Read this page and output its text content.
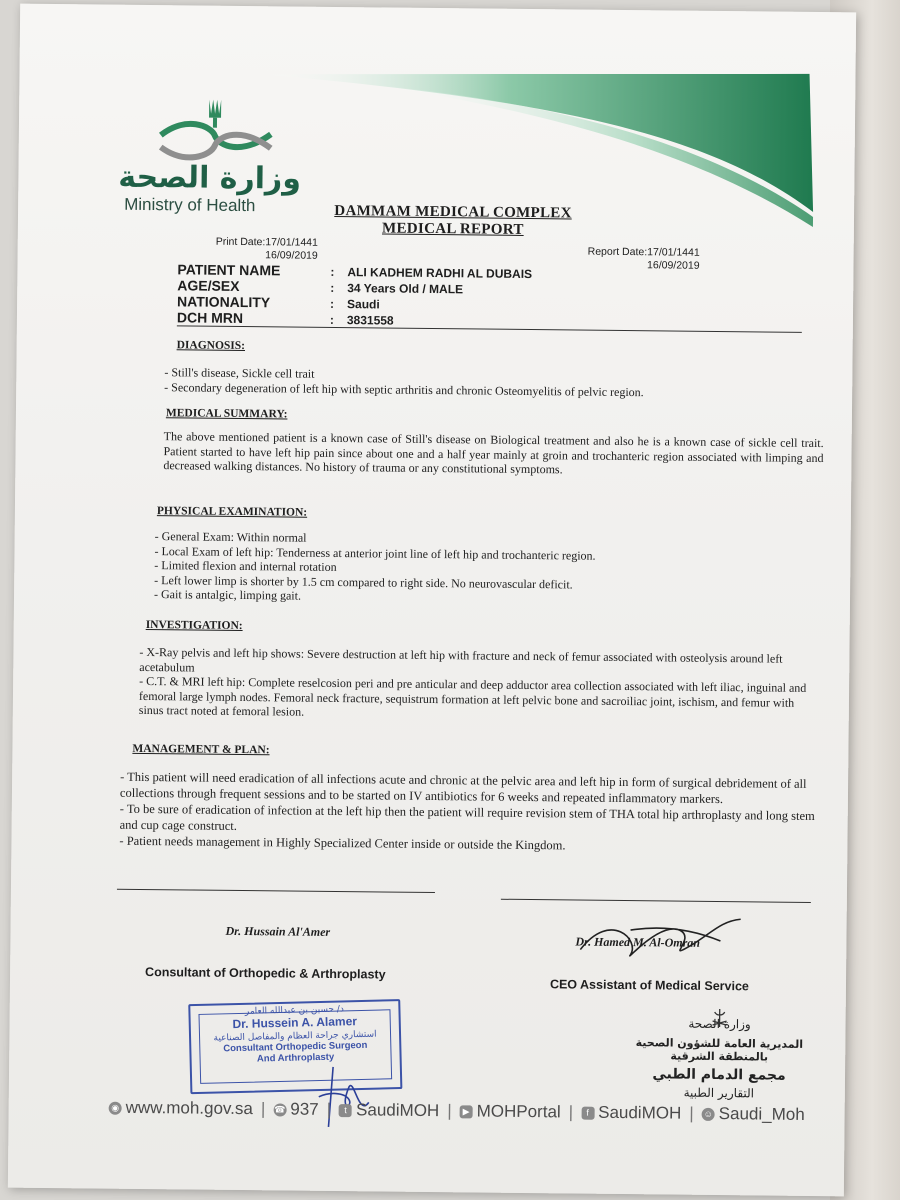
وزارة الصحة
Ministry of Health	DAMMAM MEDICAL COMPLEX
MEDICAL REPORT
Print Date:17/01/1441
16/09/2019	Report Date:17/01/1441
16/09/2019
PATIENT NAME	:	ALI KADHEM RADHI AL DUBAIS
AGE/SEX	:	34 Years Old / MALE
NATIONALITY	:	Saudi
DCH MRN	:	3831558
DIAGNOSIS:
- Still's disease, Sickle cell trait
- Secondary degeneration of left hip with septic arthritis and chronic Osteomyelitis of pelvic region.
MEDICAL SUMMARY:
The above mentioned patient is a known case of Still's disease on Biological treatment and also he is a known case of sickle cell trait. Patient started to have left hip pain since about one and a half year mainly at groin and trochanteric region associated with limping and decreased walking distances. No history of trauma or any constitutional symptoms.
PHYSICAL EXAMINATION:
- General Exam: Within normal
- Local Exam of left hip: Tenderness at anterior joint line of left hip and trochanteric region.
- Limited flexion and internal rotation
- Left lower limp is shorter by 1.5 cm compared to right side. No neurovascular deficit.
- Gait is antalgic, limping gait.
INVESTIGATION:
- X-Ray pelvis and left hip shows: Severe destruction at left hip with fracture and neck of femur associated with osteolysis around left acetabulum
- C.T. & MRI left hip: Complete reselcosion peri and pre anticular and deep adductor area collection associated with left iliac, inguinal and femoral large lymph nodes. Femoral neck fracture, sequistrum formation at left pelvic bone and sacroiliac joint, ischism, and femur with sinus tract noted at femoral lesion.
MANAGEMENT & PLAN:
- This patient will need eradication of all infections acute and chronic at the pelvic area and left hip in form of surgical debridement of all collections through frequent sessions and to be started on IV antibiotics for 6 weeks and repeated inflammatory markers.
- To be sure of eradication of infection at the left hip then the patient will require revision stem of THA total hip arthroplasty and long stem and cup cage construct.
- Patient needs management in Highly Specialized Center inside or outside the Kingdom.
Dr. Hussain Al'Amer
Dr. Hamed M. Al-Omran
Consultant of Orthopedic & Arthroplasty
CEO Assistant of Medical Service
د/ حسين بن عبدالله العامر
Dr. Hussein A. Alamer
استشاري جراحة العظام والمفاصل الصناعية
Consultant Orthopedic Surgeon
And Arthroplasty
وزارة الصحة
المديرية العامة للشؤون الصحية بالمنطقة الشرقية
مجمع الدمام الطبي
التقارير الطبية
◉ www.moh.gov.sa | ☎ 937 |	t SaudiMOH |	▶ MOHPortal |	f SaudiMOH | ☺ Saudi_Moh
